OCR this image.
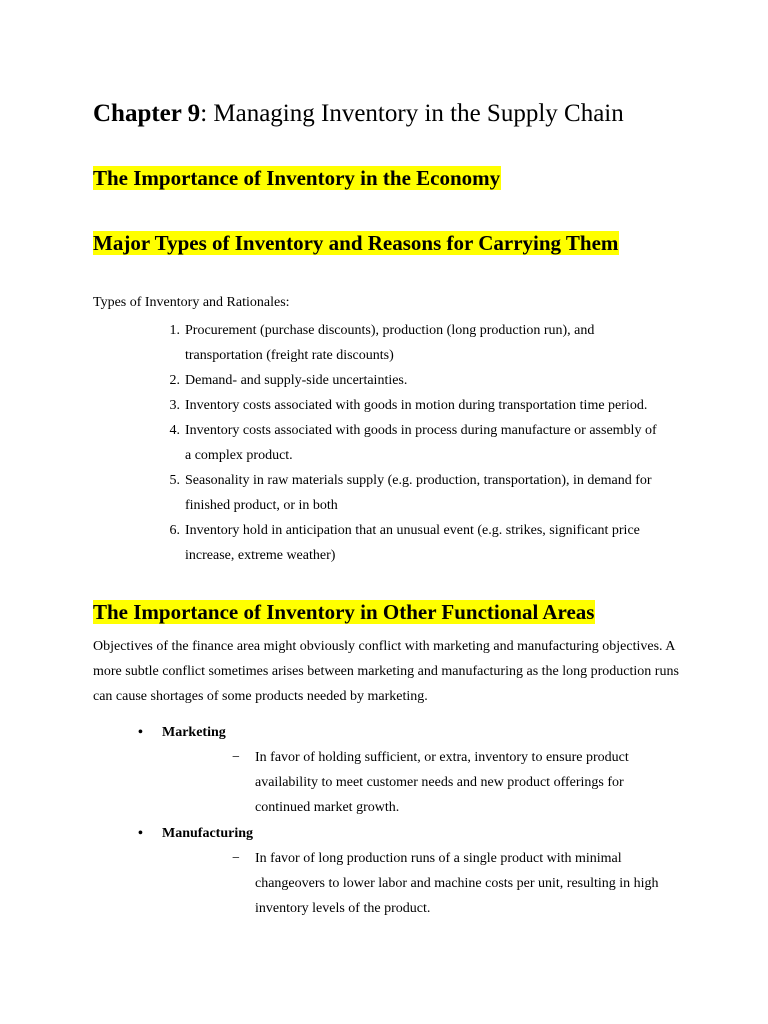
Chapter 9: Managing Inventory in the Supply Chain
The Importance of Inventory in the Economy
Major Types of Inventory and Reasons for Carrying Them
Types of Inventory and Rationales:
1. Procurement (purchase discounts), production (long production run), and transportation (freight rate discounts)
2. Demand- and supply-side uncertainties.
3. Inventory costs associated with goods in motion during transportation time period.
4. Inventory costs associated with goods in process during manufacture or assembly of a complex product.
5. Seasonality in raw materials supply (e.g. production, transportation), in demand for finished product, or in both
6. Inventory hold in anticipation that an unusual event (e.g. strikes, significant price increase, extreme weather)
The Importance of Inventory in Other Functional Areas

Objectives of the finance area might obviously conflict with marketing and manufacturing objectives. A more subtle conflict sometimes arises between marketing and manufacturing as the long production runs can cause shortages of some products needed by marketing.

• Marketing
− In favor of holding sufficient, or extra, inventory to ensure product availability to meet customer needs and new product offerings for continued market growth.
• Manufacturing
− In favor of long production runs of a single product with minimal changeovers to lower labor and machine costs per unit, resulting in high inventory levels of the product.
